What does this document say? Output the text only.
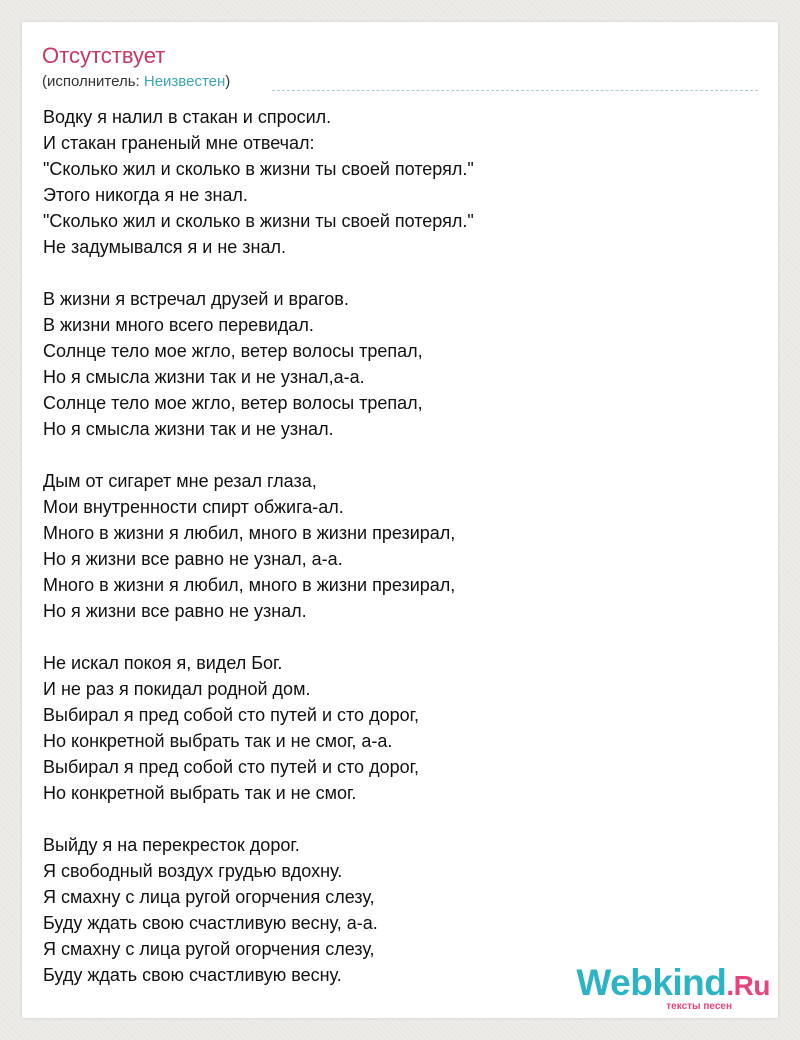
Отсутствует
(исполнитель: Неизвестен)
Водку я налил в стакан и спросил.
И стакан граненый мне отвечал:
"Сколько жил и сколько в жизни ты своей потерял."
Этого никогда я не знал.
"Сколько жил и сколько в жизни ты своей потерял."
Не задумывался я и не знал.
В жизни я встречал друзей и врагов.
В жизни много всего перевидал.
Солнце тело мое жгло, ветер волосы трепал,
Но я смысла жизни так и не узнал,а-а.
Солнце тело мое жгло, ветер волосы трепал,
Но я смысла жизни так и не узнал.
Дым от сигарет мне резал глаза,
Мои внутренности спирт обжига-ал.
Много в жизни я любил, много в жизни презирал,
Но я жизни все равно не узнал, а-а.
Много в жизни я любил, много в жизни презирал,
Но я жизни все равно не узнал.
Не искал покоя я, видел Бог.
И не раз я покидал родной дом.
Выбирал я пред собой сто путей и сто дорог,
Но конкретной выбрать так и не смог, а-а.
Выбирал я пред собой сто путей и сто дорог,
Но конкретной выбрать так и не смог.
Выйду я на перекресток дорог.
Я свободный воздух грудью вдохну.
Я смахну с лица ругой огорчения слезу,
Буду ждать свою счастливую весну, а-а.
Я смахну с лица ругой огорчения слезу,
Буду ждать свою счастливую весну.	Webkind.Ru
тексты песен
